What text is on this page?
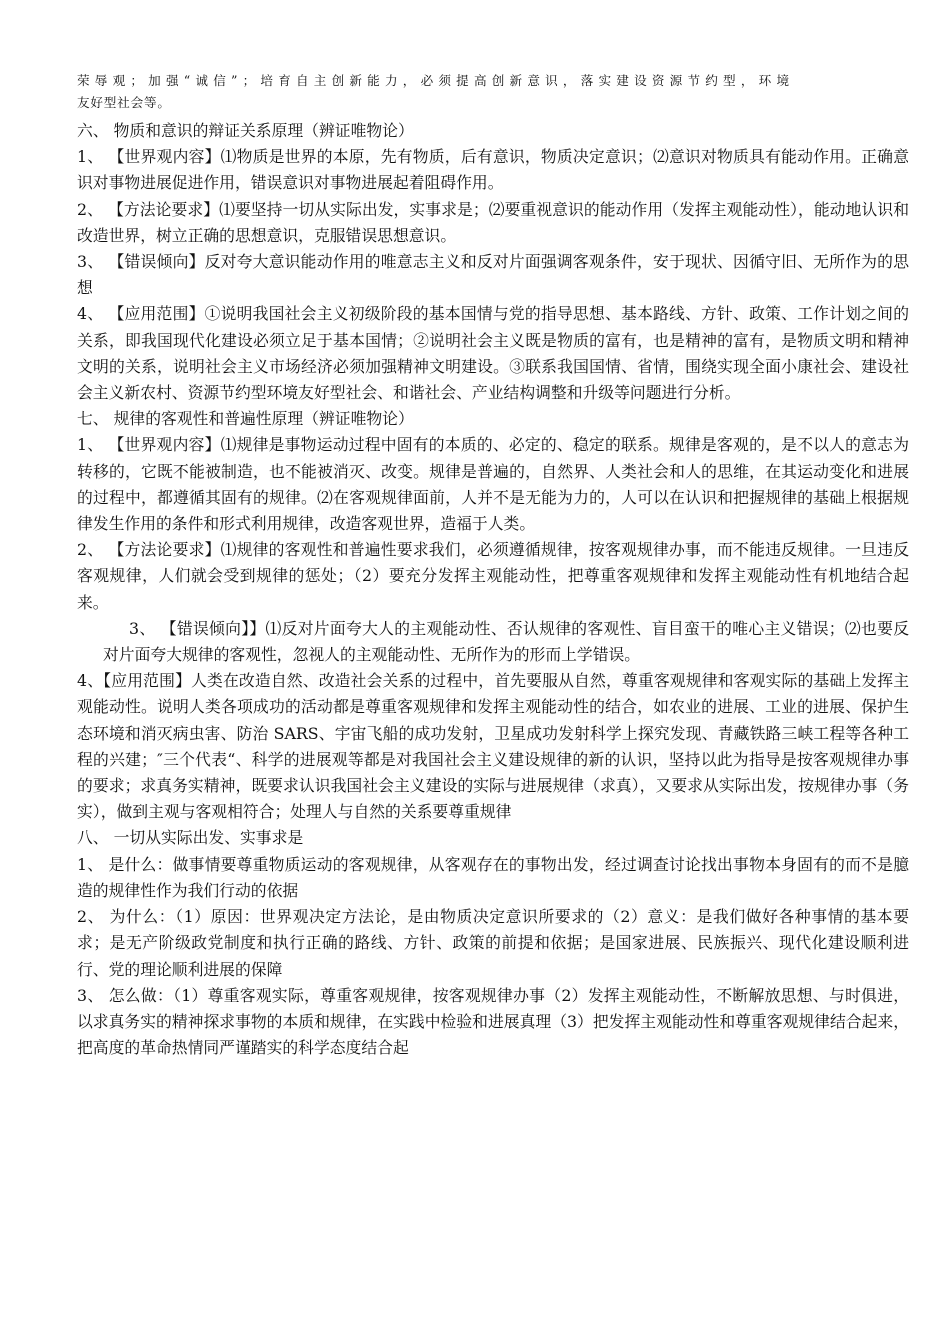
荣辱观；加强“诚信”；培育自主创新能力，必须提高创新意识，落实建设资源节约型，环境
友好型社会等。

六、 物质和意识的辩证关系原理（辨证唯物论）

1、 【世界观内容】⑴物质是世界的本原，先有物质，后有意识，物质决定意识；⑵意识对物质具有能动作用。正确意识对事物进展促进作用，错误意识对事物进展起着阻碍作用。

2、 【方法论要求】⑴要坚持一切从实际出发，实事求是；⑵要重视意识的能动作用（发挥主观能动性），能动地认识和改造世界，树立正确的思想意识，克服错误思想意识。

3、 【错误倾向】反对夸大意识能动作用的唯意志主义和反对片面强调客观条件，安于现状、因循守旧、无所作为的思想

4、 【应用范围】①说明我国社会主义初级阶段的基本国情与党的指导思想、基本路线、方针、政策、工作计划之间的关系，即我国现代化建设必须立足于基本国情；②说明社会主义既是物质的富有，也是精神的富有，是物质文明和精神文明的关系，说明社会主义市场经济必须加强精神文明建设。③联系我国国情、省情，围绕实现全面小康社会、建设社会主义新农村、资源节约型环境友好型社会、和谐社会、产业结构调整和升级等问题进行分析。

七、 规律的客观性和普遍性原理（辨证唯物论）

1、 【世界观内容】⑴规律是事物运动过程中固有的本质的、必定的、稳定的联系。规律是客观的，是不以人的意志为转移的，它既不能被制造，也不能被消灭、改变。规律是普遍的，自然界、人类社会和人的思维，在其运动变化和进展的过程中，都遵循其固有的规律。⑵在客观规律面前，人并不是无能为力的，人可以在认识和把握规律的基础上根据规律发生作用的条件和形式利用规律，改造客观世界，造福于人类。

2、 【方法论要求】⑴规律的客观性和普遍性要求我们，必须遵循规律，按客观规律办事，而不能违反规律。一旦违反客观规律，人们就会受到规律的惩处；（2）要充分发挥主观能动性，把尊重客观规律和发挥主观能动性有机地结合起来。

3、 【错误倾向】】⑴反对片面夸大人的主观能动性、否认规律的客观性、盲目蛮干的唯心主义错误；⑵也要反对片面夸大规律的客观性，忽视人的主观能动性、无所作为的形而上学错误。

4、【应用范围】人类在改造自然、改造社会关系的过程中，首先要服从自然，尊重客观规律和客观实际的基础上发挥主观能动性。说明人类各项成功的活动都是尊重客观规律和发挥主观能动性的结合，如农业的进展、工业的进展、保护生态环境和消灭病虫害、防治 SARS、宇宙飞船的成功发射，卫星成功发射科学上探究发现、青藏铁路三峡工程等各种工程的兴建；″三个代表“、科学的进展观等都是对我国社会主义建设规律的新的认识，坚持以此为指导是按客观规律办事的要求；求真务实精神，既要求认识我国社会主义建设的实际与进展规律（求真），又要求从实际出发，按规律办事（务实），做到主观与客观相符合；处理人与自然的关系要尊重规律

八、 一切从实际出发、实事求是

1、 是什么：做事情要尊重物质运动的客观规律，从客观存在的事物出发，经过调查讨论找出事物本身固有的而不是臆造的规律性作为我们行动的依据

2、 为什么：（1）原因：世界观决定方法论，是由物质决定意识所要求的（2）意义：是我们做好各种事情的基本要求；是无产阶级政党制度和执行正确的路线、方针、政策的前提和依据；是国家进展、民族振兴、现代化建设顺利进行、党的理论顺利进展的保障

3、 怎么做：（1）尊重客观实际，尊重客观规律，按客观规律办事（2）发挥主观能动性，不断解放思想、与时俱进，以求真务实的精神探求事物的本质和规律，在实践中检验和进展真理（3）把发挥主观能动性和尊重客观规律结合起来，把高度的革命热情同严谨踏实的科学态度结合起
